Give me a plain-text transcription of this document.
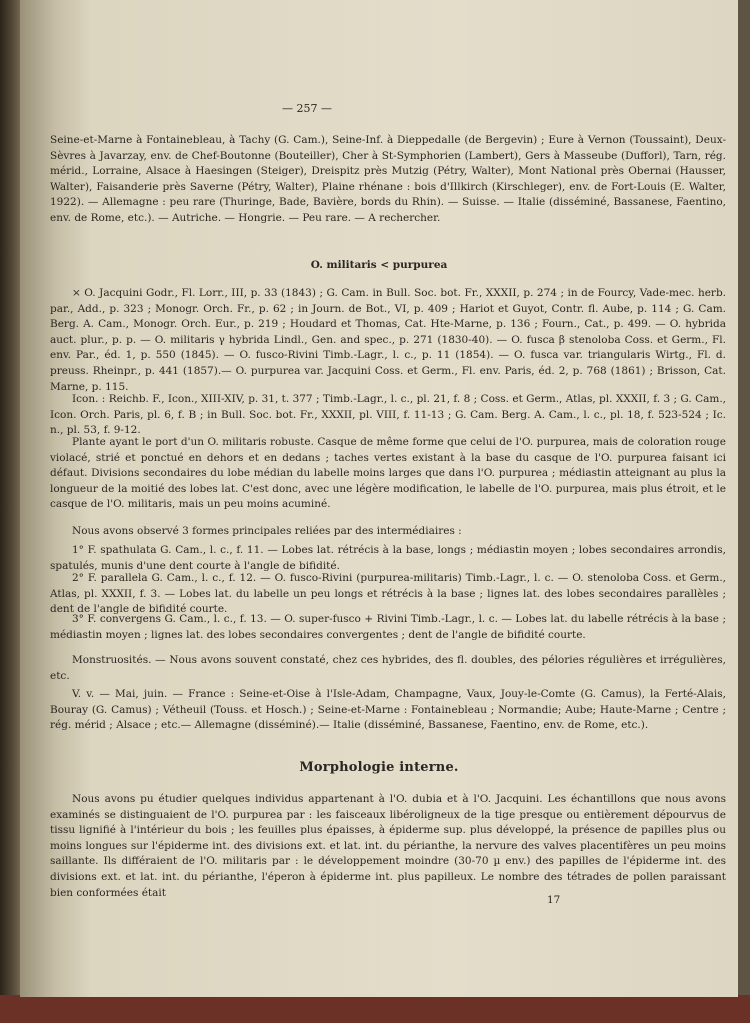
— 257 —

Seine-et-Marne à Fontainebleau, à Tachy (G. Cam.), Seine-Inf. à Dieppedalle (de Bergevin) ; Eure à Vernon (Toussaint), Deux-Sèvres à Javarzay, env. de Chef-Boutonne (Bouteiller), Cher à St-Symphorien (Lambert), Gers à Masseube (Dufforl), Tarn, rég. mérid., Lorraine, Alsace à Haesingen (Steiger), Dreispitz près Mutzig (Pétry, Walter), Mont National près Obernai (Hausser, Walter), Faisanderie près Saverne (Pétry, Walter), Plaine rhénane : bois d'Illkirch (Kirschleger), env. de Fort-Louis (E. Walter, 1922). — Allemagne : peu rare (Thuringe, Bade, Bavière, bords du Rhin). — Suisse. — Italie (disséminé, Bassanese, Faentino, env. de Rome, etc.). — Autriche. — Hongrie. — Peu rare. — A rechercher.

O. militaris < purpurea

× O. Jacquini Godr., Fl. Lorr., III, p. 33 (1843) ; G. Cam. in Bull. Soc. bot. Fr., XXXII, p. 274 ; in de Fourcy, Vade-mec. herb. par., Add., p. 323 ; Monogr. Orch. Fr., p. 62 ; in Journ. de Bot., VI, p. 409 ; Hariot et Guyot, Contr. fl. Aube, p. 114 ; G. Cam. Berg. A. Cam., Monogr. Orch. Eur., p. 219 ; Houdard et Thomas, Cat. Hte-Marne, p. 136 ; Fourn., Cat., p. 499. — O. hybrida auct. plur., p. p. — O. militaris γ hybrida Lindl., Gen. and spec., p. 271 (1830-40). — O. fusca β stenoloba Coss. et Germ., Fl. env. Par., éd. 1, p. 550 (1845). — O. fusco-Rivini Timb.-Lagr., l. c., p. 11 (1854). — O. fusca var. triangularis Wirtg., Fl. d. preuss. Rheinpr., p. 441 (1857).— O. purpurea var. Jacquini Coss. et Germ., Fl. env. Paris, éd. 2, p. 768 (1861) ; Brisson, Cat. Marne, p. 115.

Icon. : Reichb. F., Icon., XIII-XIV, p. 31, t. 377 ; Timb.-Lagr., l. c., pl. 21, f. 8 ; Coss. et Germ., Atlas, pl. XXXII, f. 3 ; G. Cam., Icon. Orch. Paris, pl. 6, f. B ; in Bull. Soc. bot. Fr., XXXII, pl. VIII, f. 11-13 ; G. Cam. Berg. A. Cam., l. c., pl. 18, f. 523-524 ; Ic. n., pl. 53, f. 9-12.

Plante ayant le port d'un O. militaris robuste. Casque de même forme que celui de l'O. purpurea, mais de coloration rouge violacé, strié et ponctué en dehors et en dedans ; taches vertes existant à la base du casque de l'O. purpurea faisant ici défaut. Divisions secondaires du lobe médian du labelle moins larges que dans l'O. purpurea ; médiastin atteignant au plus la longueur de la moitié des lobes lat. C'est donc, avec une légère modification, le labelle de l'O. purpurea, mais plus étroit, et le casque de l'O. militaris, mais un peu moins acuminé.

Nous avons observé 3 formes principales reliées par des intermédiaires :

1° F. spathulata G. Cam., l. c., f. 11. — Lobes lat. rétrécis à la base, longs ; médiastin moyen ; lobes secondaires arrondis, spatulés, munis d'une dent courte à l'angle de bifidité.

2° F. parallela G. Cam., l. c., f. 12. — O. fusco-Rivini (purpurea-militaris) Timb.-Lagr., l. c. — O. stenoloba Coss. et Germ., Atlas, pl. XXXII, f. 3. — Lobes lat. du labelle un peu longs et rétrécis à la base ; lignes lat. des lobes secondaires parallèles ; dent de l'angle de bifidité courte.

3° F. convergens G. Cam., l. c., f. 13. — O. super-fusco + Rivini Timb.-Lagr., l. c. — Lobes lat. du labelle rétrécis à la base ; médiastin moyen ; lignes lat. des lobes secondaires convergentes ; dent de l'angle de bifidité courte.

Monstruosités. — Nous avons souvent constaté, chez ces hybrides, des fl. doubles, des pélories régulières et irrégulières, etc.

V. v. — Mai, juin. — France : Seine-et-Oise à l'Isle-Adam, Champagne, Vaux, Jouy-le-Comte (G. Camus), la Ferté-Alais, Bouray (G. Camus) ; Vétheuil (Touss. et Hosch.) ; Seine-et-Marne : Fontainebleau ; Normandie; Aube; Haute-Marne ; Centre ; rég. mérid ; Alsace ; etc.— Allemagne (disséminé).— Italie (disséminé, Bassanese, Faentino, env. de Rome, etc.).

Morphologie interne.

Nous avons pu étudier quelques individus appartenant à l'O. dubia et à l'O. Jacquini. Les échantillons que nous avons examinés se distinguaient de l'O. purpurea par : les faisceaux libéroligneux de la tige presque ou entièrement dépourvus de tissu lignifié à l'intérieur du bois ; les feuilles plus épaisses, à épiderme sup. plus développé, la présence de papilles plus ou moins longues sur l'épiderme int. des divisions ext. et lat. int. du périanthe, la nervure des valves placentifères un peu moins saillante. Ils différaient de l'O. militaris par : le développement moindre (30-70 µ env.) des papilles de l'épiderme int. des divisions ext. et lat. int. du périanthe, l'éperon à épiderme int. plus papilleux. Le nombre des tétrades de pollen paraissant bien conformées était

17
